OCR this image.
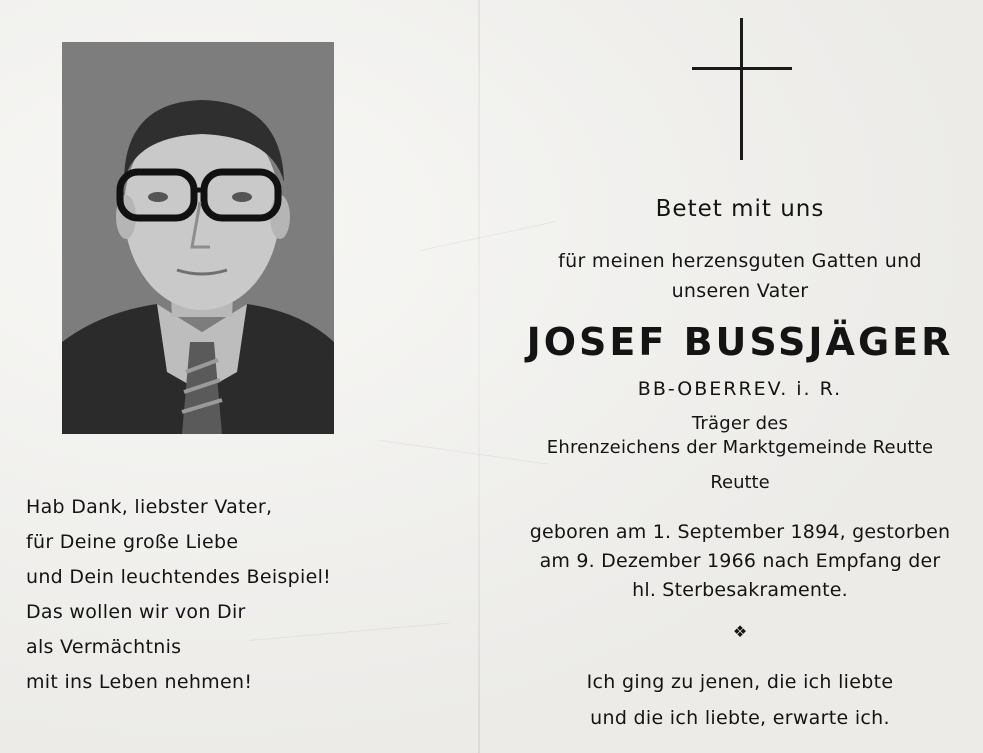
Hab Dank, liebster Vater,
für Deine große Liebe
und Dein leuchtendes Beispiel!
Das wollen wir von Dir
als Vermächtnis
mit ins Leben nehmen!
Betet mit uns
für meinen herzensguten Gatten und
unseren Vater
JOSEF BUSSJÄGER
BB-OBERREV. i. R.
Träger des
Ehrenzeichens der Marktgemeinde Reutte
Reutte
geboren am 1. September 1894, gestorben
am 9. Dezember 1966 nach Empfang der
hl. Sterbesakramente.
❖
Ich ging zu jenen, die ich liebte
und die ich liebte, erwarte ich.
